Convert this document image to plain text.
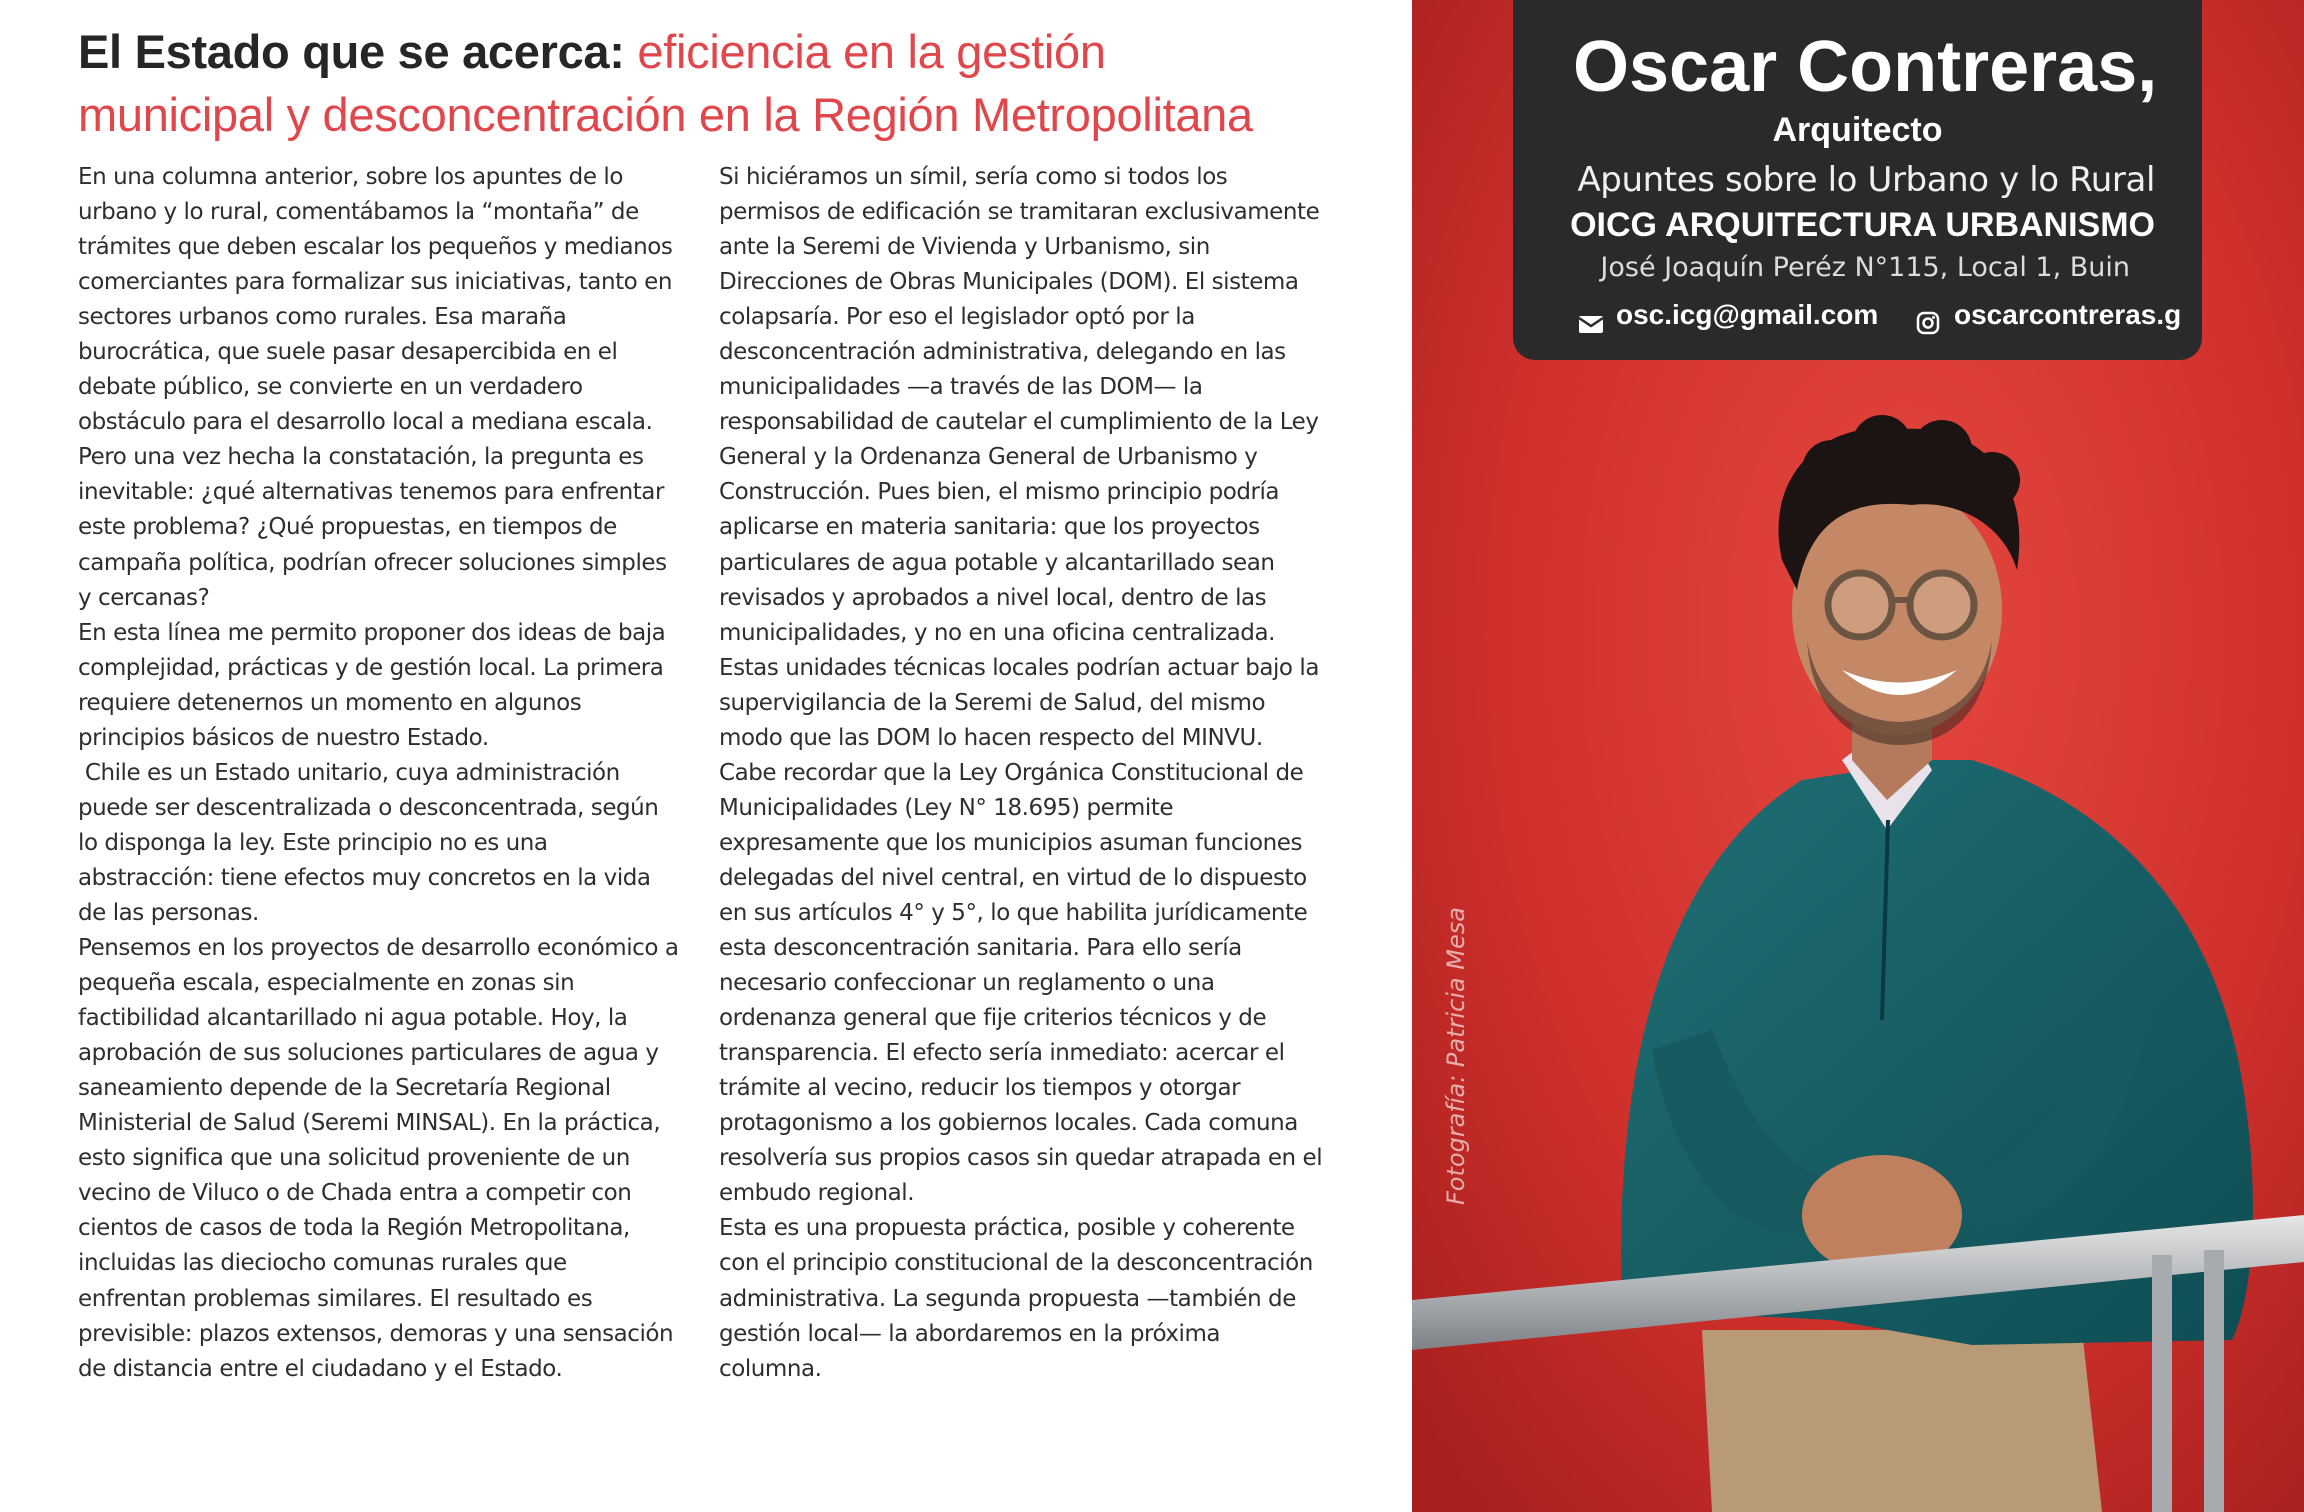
El Estado que se acerca: eficiencia en la gestión
municipal y desconcentración en la Región Metropolitana

En una columna anterior, sobre los apuntes de lo urbano y lo rural, comentábamos la “montaña” de trámites que deben escalar los pequeños y medianos comerciantes para formalizar sus iniciativas, tanto en sectores urbanos como rurales. Esa maraña burocrática, que suele pasar desapercibida en el debate público, se convierte en un verdadero obstáculo para el desarrollo local a mediana escala. Pero una vez hecha la constatación, la pregunta es inevitable: ¿qué alternativas tenemos para enfrentar este problema? ¿Qué propuestas, en tiempos de campaña política, podrían ofrecer soluciones simples y cercanas?

En esta línea me permito proponer dos ideas de baja complejidad, prácticas y de gestión local. La primera requiere detenernos un momento en algunos principios básicos de nuestro Estado.

Chile es un Estado unitario, cuya administración puede ser descentralizada o desconcentrada, según lo disponga la ley. Este principio no es una abstracción: tiene efectos muy concretos en la vida de las personas.

Pensemos en los proyectos de desarrollo económico a pequeña escala, especialmente en zonas sin factibilidad alcantarillado ni agua potable. Hoy, la aprobación de sus soluciones particulares de agua y saneamiento depende de la Secretaría Regional Ministerial de Salud (Seremi MINSAL). En la práctica, esto significa que una solicitud proveniente de un vecino de Viluco o de Chada entra a competir con cientos de casos de toda la Región Metropolitana, incluidas las dieciocho comunas rurales que enfrentan problemas similares. El resultado es previsible: plazos extensos, demoras y una sensación de distancia entre el ciudadano y el Estado.

Si hiciéramos un símil, sería como si todos los permisos de edificación se tramitaran exclusivamente ante la Seremi de Vivienda y Urbanismo, sin Direcciones de Obras Municipales (DOM). El sistema colapsaría. Por eso el legislador optó por la desconcentración administrativa, delegando en las municipalidades —a través de las DOM— la responsabilidad de cautelar el cumplimiento de la Ley General y la Ordenanza General de Urbanismo y Construcción. Pues bien, el mismo principio podría aplicarse en materia sanitaria: que los proyectos particulares de agua potable y alcantarillado sean revisados y aprobados a nivel local, dentro de las municipalidades, y no en una oficina centralizada. Estas unidades técnicas locales podrían actuar bajo la supervigilancia de la Seremi de Salud, del mismo modo que las DOM lo hacen respecto del MINVU.

Cabe recordar que la Ley Orgánica Constitucional de Municipalidades (Ley N° 18.695) permite expresamente que los municipios asuman funciones delegadas del nivel central, en virtud de lo dispuesto en sus artículos 4° y 5°, lo que habilita jurídicamente esta desconcentración sanitaria. Para ello sería necesario confeccionar un reglamento o una ordenanza general que fije criterios técnicos y de transparencia. El efecto sería inmediato: acercar el trámite al vecino, reducir los tiempos y otorgar protagonismo a los gobiernos locales. Cada comuna resolvería sus propios casos sin quedar atrapada en el embudo regional.

Esta es una propuesta práctica, posible y coherente con el principio constitucional de la desconcentración administrativa. La segunda propuesta —también de gestión local— la abordaremos en la próxima columna.

Fotografía: Patricia Mesa
Oscar Contreras,
Arquitecto
Apuntes sobre lo Urbano y lo Rural
OICG ARQUITECTURA URBANISMO
José Joaquín Peréz N°115, Local 1, Buin
osc.icg@gmail.com	oscarcontreras.g
